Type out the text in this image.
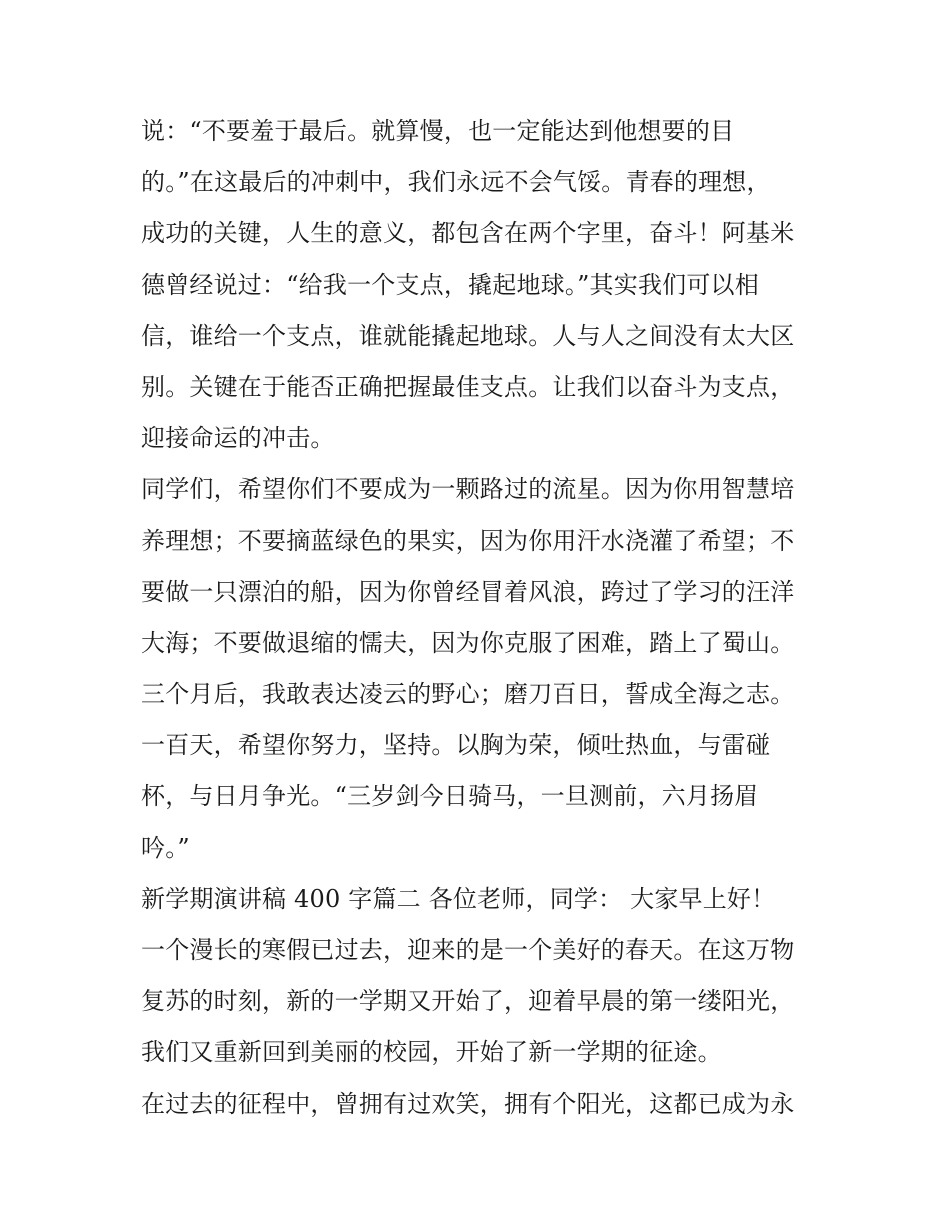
说：“不要羞于最后。就算慢，也一定能达到他想要的目
的。”在这最后的冲刺中，我们永远不会气馁。青春的理想，
成功的关键，人生的意义，都包含在两个字里，奋斗！阿基米
德曾经说过：“给我一个支点，撬起地球。”其实我们可以相
信，谁给一个支点，谁就能撬起地球。人与人之间没有太大区
别。关键在于能否正确把握最佳支点。让我们以奋斗为支点，
迎接命运的冲击。
同学们，希望你们不要成为一颗路过的流星。因为你用智慧培
养理想；不要摘蓝绿色的果实，因为你用汗水浇灌了希望；不
要做一只漂泊的船，因为你曾经冒着风浪，跨过了学习的汪洋
大海；不要做退缩的懦夫，因为你克服了困难，踏上了蜀山。
三个月后，我敢表达凌云的野心；磨刀百日，誓成全海之志。
一百天，希望你努力，坚持。以胸为荣，倾吐热血，与雷碰
杯，与日月争光。“三岁剑今日骑马，一旦测前，六月扬眉
吟。”
新学期演讲稿 400 字篇二 各位老师，同学： 大家早上好！
一个漫长的寒假已过去，迎来的是一个美好的春天。在这万物
复苏的时刻，新的一学期又开始了，迎着早晨的第一缕阳光，
我们又重新回到美丽的校园，开始了新一学期的征途。
在过去的征程中，曾拥有过欢笑，拥有个阳光，这都已成为永
